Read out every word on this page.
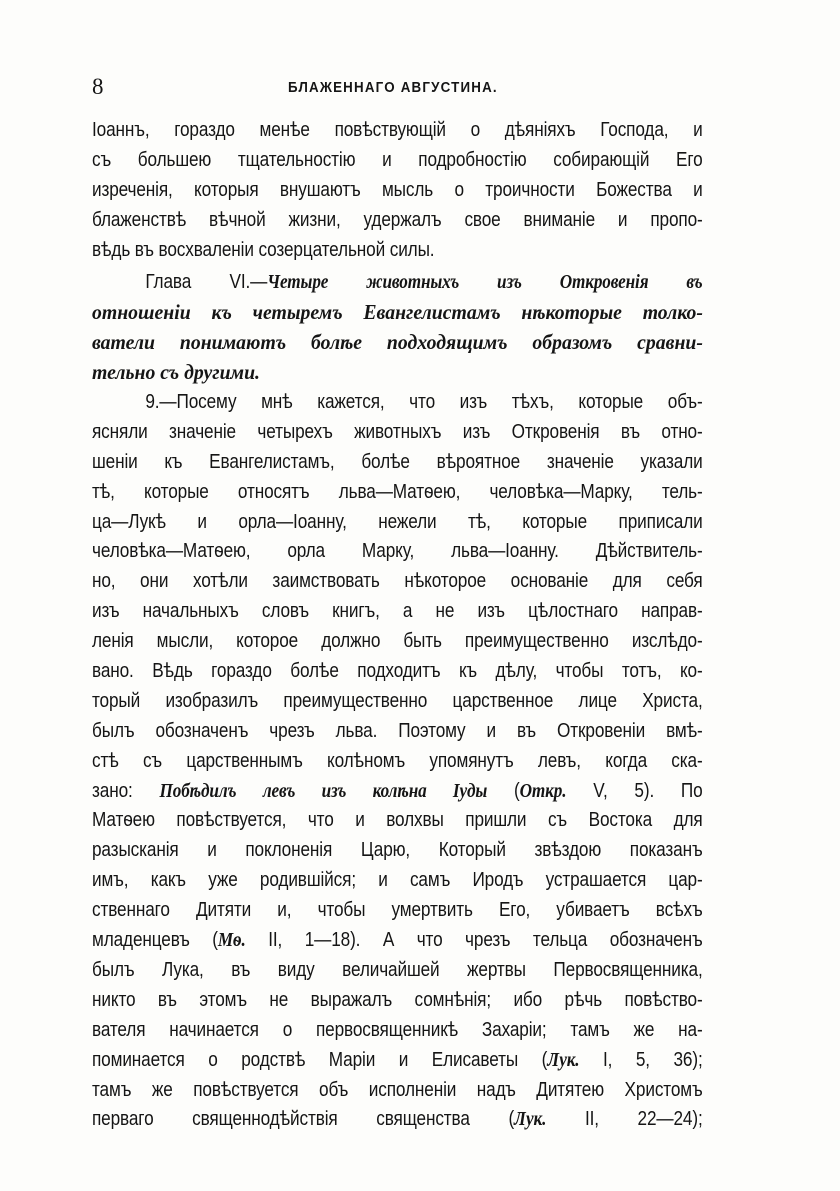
8	БЛАЖЕННАГО АВГУСТИНА.
Іоаннъ, гораздо менѣе повѣствующій о дѣяніяхъ Господа, и
съ большею тщательностію и подробностію собирающій Его
изреченія, которыя внушаютъ мысль о троичности Божества и
блаженствѣ вѣчной жизни, удержалъ свое вниманіе и пропо-
вѣдь въ восхваленіи созерцательной силы.
Глава VI.—Четыре животныхъ изъ Откровенія въ
отношеніи къ четыремъ Евангелистамъ нѣкоторые толко-
ватели понимаютъ болѣе подходящимъ образомъ сравни-
тельно съ другими.
9.—Посему мнѣ кажется, что изъ тѣхъ, которые объ-
ясняли значеніе четырехъ животныхъ изъ Откровенія въ отно-
шеніи къ Евангелистамъ, болѣе вѣроятное значеніе указали
тѣ, которые относятъ льва—Матѳею, человѣка—Марку, тель-
ца—Лукѣ и орла—Іоанну, нежели тѣ, которые приписали
человѣка—Матѳею, орла Марку, льва—Іоанну. Дѣйствитель-
но, они хотѣли заимствовать нѣкоторое основаніе для себя
изъ начальныхъ словъ книгъ, а не изъ цѣлостнаго направ-
ленія мысли, которое должно быть преимущественно изслѣдо-
вано. Вѣдь гораздо болѣе подходитъ къ дѣлу, чтобы тотъ, ко-
торый изобразилъ преимущественно царственное лице Христа,
былъ обозначенъ чрезъ льва. Поэтому и въ Откровеніи вмѣ-
стѣ съ царственнымъ колѣномъ упомянутъ левъ, когда ска-
зано: Побѣдилъ левъ изъ колѣна Іуды (Откр. V, 5). По
Матѳею повѣствуется, что и волхвы пришли съ Востока для
разысканія и поклоненія Царю, Который звѣздою показанъ
имъ, какъ уже родившійся; и самъ Иродъ устрашается цар-
ственнаго Дитяти и, чтобы умертвить Его, убиваетъ всѣхъ
младенцевъ (Мѳ. II, 1—18). А что чрезъ тельца обозначенъ
былъ Лука, въ виду величайшей жертвы Первосвященника,
никто въ этомъ не выражалъ сомнѣнія; ибо рѣчь повѣство-
вателя начинается о первосвященникѣ Захаріи; тамъ же на-
поминается о родствѣ Маріи и Елисаветы (Лук. I, 5, 36);
тамъ же повѣствуется объ исполненіи надъ Дитятею Христомъ
перваго священнодѣйствія священства (Лук. II, 22—24);
